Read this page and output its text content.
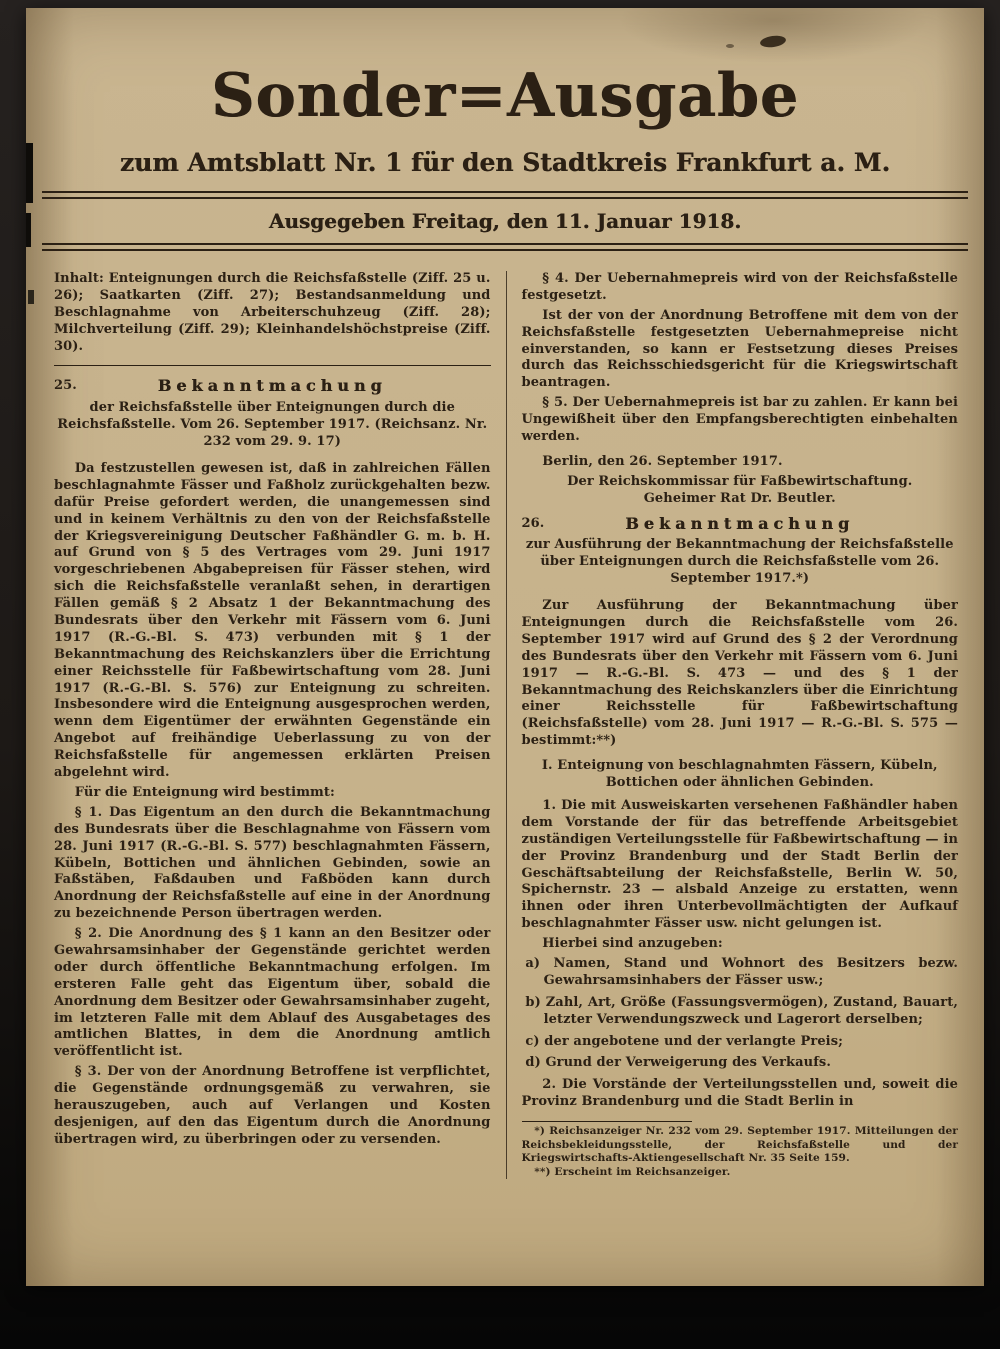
Sonder=Ausgabe
zum Amtsblatt Nr. 1 für den Stadtkreis Frankfurt a. M.
Ausgegeben Freitag, den 11. Januar 1918.

Inhalt: Enteignungen durch die Reichsfaßstelle (Ziff. 25 u. 26); Saatkarten (Ziff. 27); Bestandsanmeldung und Beschlagnahme von Arbeiterschuhzeug (Ziff. 28); Milchverteilung (Ziff. 29); Kleinhandelshöchstpreise (Ziff. 30).

25.	Bekanntmachung

der Reichsfaßstelle über Enteignungen durch die Reichsfaßstelle. Vom 26. September 1917. (Reichsanz. Nr. 232 vom 29. 9. 17)

Da festzustellen gewesen ist, daß in zahlreichen Fällen beschlagnahmte Fässer und Faßholz zurückgehalten bezw. dafür Preise gefordert werden, die unangemessen sind und in keinem Verhältnis zu den von der Reichsfaßstelle der Kriegsvereinigung Deutscher Faßhändler G. m. b. H. auf Grund von § 5 des Vertrages vom 29. Juni 1917 vorgeschriebenen Abgabepreisen für Fässer stehen, wird sich die Reichsfaßstelle veranlaßt sehen, in derartigen Fällen gemäß § 2 Absatz 1 der Bekanntmachung des Bundesrats über den Verkehr mit Fässern vom 6. Juni 1917 (R.-G.-Bl. S. 473) verbunden mit § 1 der Bekanntmachung des Reichskanzlers über die Errichtung einer Reichsstelle für Faßbewirtschaftung vom 28. Juni 1917 (R.-G.-Bl. S. 576) zur Enteignung zu schreiten. Insbesondere wird die Enteignung ausgesprochen werden, wenn dem Eigentümer der erwähnten Gegenstände ein Angebot auf freihändige Ueberlassung zu von der Reichsfaßstelle für angemessen erklärten Preisen abgelehnt wird.

Für die Enteignung wird bestimmt:

§ 1. Das Eigentum an den durch die Bekanntmachung des Bundesrats über die Beschlagnahme von Fässern vom 28. Juni 1917 (R.-G.-Bl. S. 577) beschlagnahmten Fässern, Kübeln, Bottichen und ähnlichen Gebinden, sowie an Faßstäben, Faßdauben und Faßböden kann durch Anordnung der Reichsfaßstelle auf eine in der Anordnung zu bezeichnende Person übertragen werden.

§ 2. Die Anordnung des § 1 kann an den Besitzer oder Gewahrsamsinhaber der Gegenstände gerichtet werden oder durch öffentliche Bekanntmachung erfolgen. Im ersteren Falle geht das Eigentum über, sobald die Anordnung dem Besitzer oder Gewahrsamsinhaber zugeht, im letzteren Falle mit dem Ablauf des Ausgabetages des amtlichen Blattes, in dem die Anordnung amtlich veröffentlicht ist.

§ 3. Der von der Anordnung Betroffene ist verpflichtet, die Gegenstände ordnungsgemäß zu verwahren, sie herauszugeben, auch auf Verlangen und Kosten desjenigen, auf den das Eigentum durch die Anordnung übertragen wird, zu überbringen oder zu versenden.

§ 4. Der Uebernahmepreis wird von der Reichsfaßstelle festgesetzt.

Ist der von der Anordnung Betroffene mit dem von der Reichsfaßstelle festgesetzten Uebernahmepreise nicht einverstanden, so kann er Festsetzung dieses Preises durch das Reichsschiedsgericht für die Kriegswirtschaft beantragen.

§ 5. Der Uebernahmepreis ist bar zu zahlen. Er kann bei Ungewißheit über den Empfangsberechtigten einbehalten werden.

Berlin, den 26. September 1917.

Der Reichskommissar für Faßbewirtschaftung.

Geheimer Rat Dr. Beutler.

26.	Bekanntmachung

zur Ausführung der Bekanntmachung der Reichsfaßstelle über Enteignungen durch die Reichsfaßstelle vom 26. September 1917.*)

Zur Ausführung der Bekanntmachung über Enteignungen durch die Reichsfaßstelle vom 26. September 1917 wird auf Grund des § 2 der Verordnung des Bundesrats über den Verkehr mit Fässern vom 6. Juni 1917 — R.-G.-Bl. S. 473 — und des § 1 der Bekanntmachung des Reichskanzlers über die Einrichtung einer Reichsstelle für Faßbewirtschaftung (Reichsfaßstelle) vom 28. Juni 1917 — R.-G.-Bl. S. 575 — bestimmt:**)

I. Enteignung von beschlagnahmten Fässern, Kübeln, Bottichen oder ähnlichen Gebinden.

1. Die mit Ausweiskarten versehenen Faßhändler haben dem Vorstande der für das betreffende Arbeitsgebiet zuständigen Verteilungsstelle für Faßbewirtschaftung — in der Provinz Brandenburg und der Stadt Berlin der Geschäftsabteilung der Reichsfaßstelle, Berlin W. 50, Spichernstr. 23 — alsbald Anzeige zu erstatten, wenn ihnen oder ihren Unterbevollmächtigten der Aufkauf beschlagnahmter Fässer usw. nicht gelungen ist.

Hierbei sind anzugeben:

a) Namen, Stand und Wohnort des Besitzers bezw. Gewahrsamsinhabers der Fässer usw.;

b) Zahl, Art, Größe (Fassungsvermögen), Zustand, Bauart, letzter Verwendungszweck und Lagerort derselben;

c) der angebotene und der verlangte Preis;

d) Grund der Verweigerung des Verkaufs.

2. Die Vorstände der Verteilungsstellen und, soweit die Provinz Brandenburg und die Stadt Berlin in

*) Reichsanzeiger Nr. 232 vom 29. September 1917. Mitteilungen der Reichsbekleidungsstelle, der Reichsfaßstelle und der Kriegswirtschafts-Aktiengesellschaft Nr. 35 Seite 159.

**) Erscheint im Reichsanzeiger.
